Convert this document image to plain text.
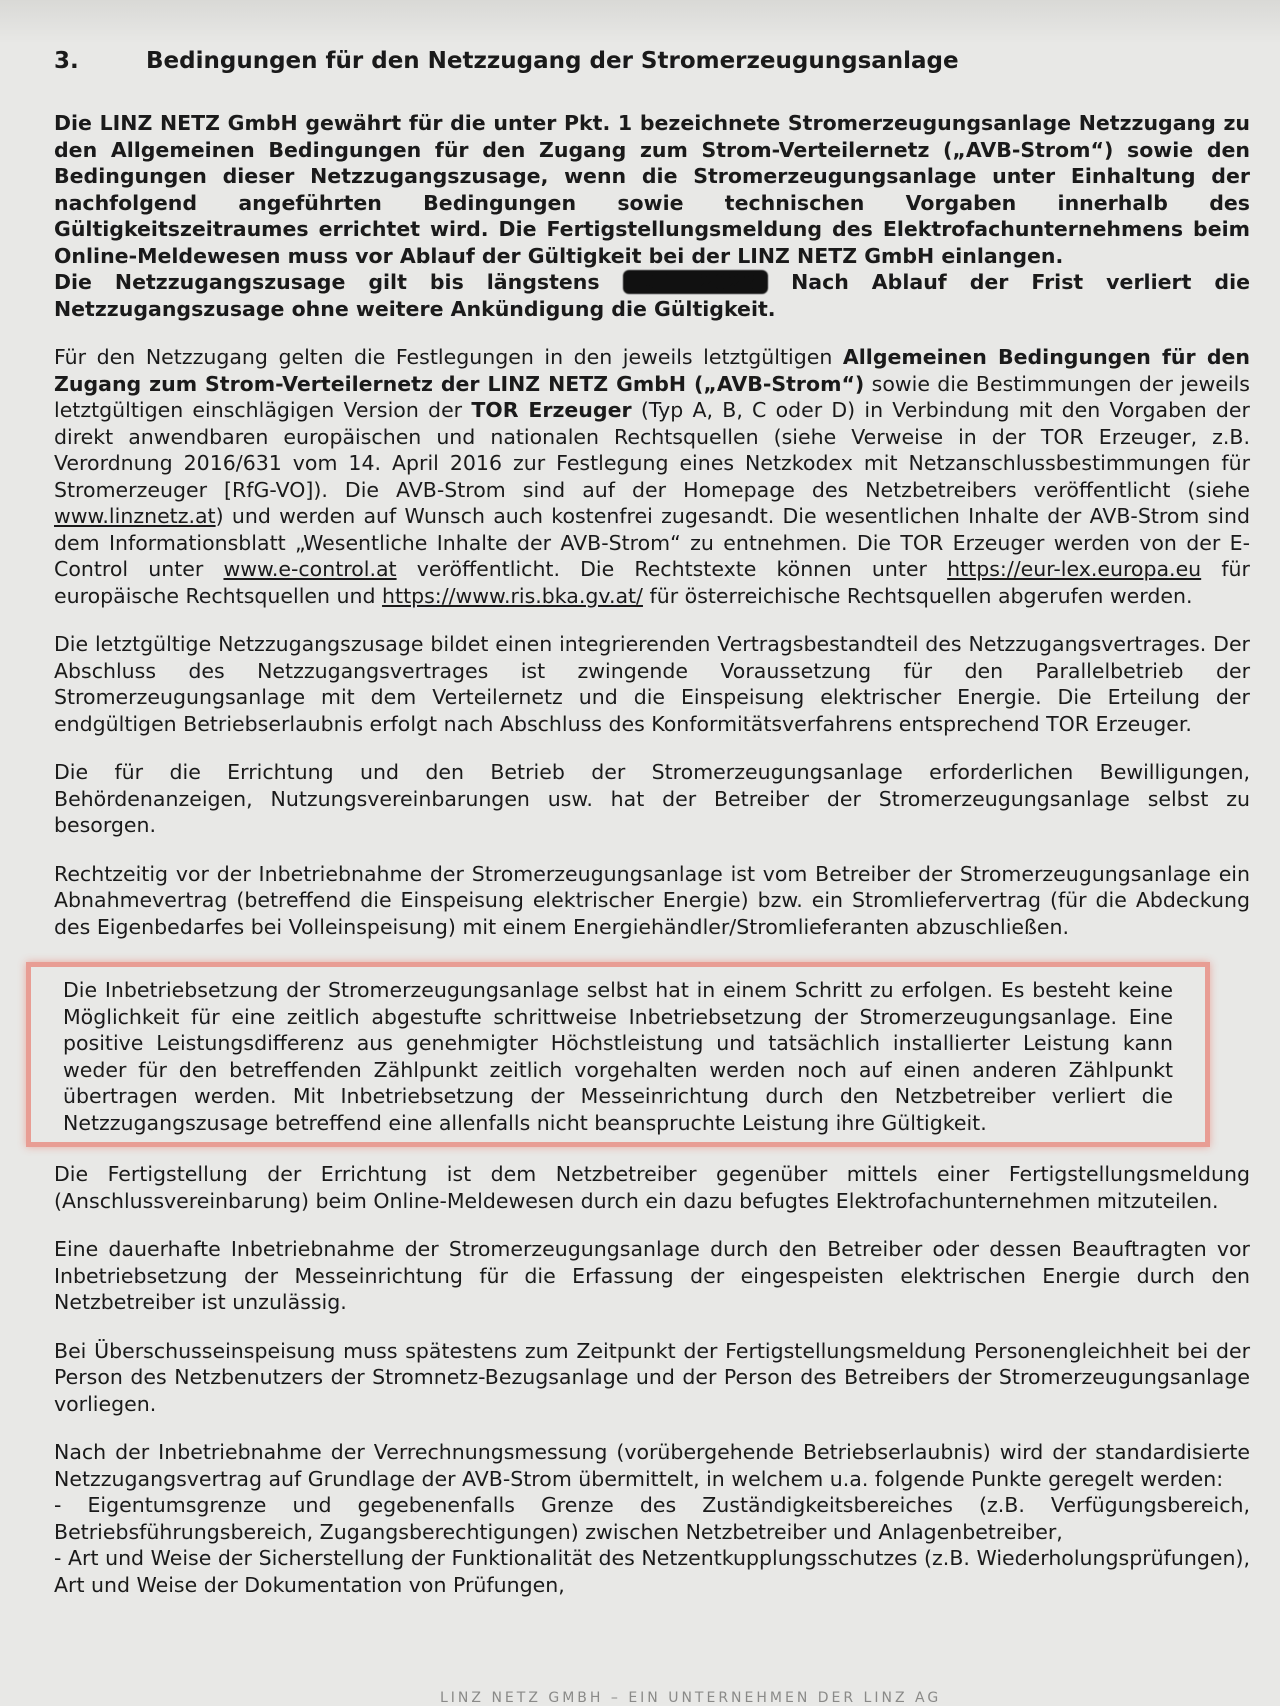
3.	Bedingungen für den Netzzugang der Stromerzeugungsanlage

Die LINZ NETZ GmbH gewährt für die unter Pkt. 1 bezeichnete Stromerzeugungsanlage Netzzugang zu den Allgemeinen Bedingungen für den Zugang zum Strom-Verteilernetz („AVB-Strom“) sowie den Bedingungen dieser Netzzugangszusage, wenn die Stromerzeugungsanlage unter Einhaltung der nachfolgend angeführten Bedingungen sowie technischen Vorgaben innerhalb des Gültigkeitszeitraumes errichtet wird. Die Fertigstellungsmeldung des Elektrofachunternehmens beim Online-Meldewesen muss vor Ablauf der Gültigkeit bei der LINZ NETZ GmbH einlangen.
Die Netzzugangszusage gilt bis längstens 10.11.2023. Nach Ablauf der Frist verliert die Netzzugangszusage ohne weitere Ankündigung die Gültigkeit.

Für den Netzzugang gelten die Festlegungen in den jeweils letztgültigen Allgemeinen Bedingungen für den Zugang zum Strom-Verteilernetz der LINZ NETZ GmbH („AVB-Strom“) sowie die Bestimmungen der jeweils letztgültigen einschlägigen Version der TOR Erzeuger (Typ A, B, C oder D) in Verbindung mit den Vorgaben der direkt anwendbaren europäischen und nationalen Rechtsquellen (siehe Verweise in der TOR Erzeuger, z.B. Verordnung 2016/631 vom 14. April 2016 zur Festlegung eines Netzkodex mit Netzanschlussbestimmungen für Stromerzeuger [RfG-VO]). Die AVB-Strom sind auf der Homepage des Netzbetreibers veröffentlicht (siehe www.linznetz.at) und werden auf Wunsch auch kostenfrei zugesandt. Die wesentlichen Inhalte der AVB-Strom sind dem Informationsblatt „Wesentliche Inhalte der AVB-Strom“ zu entnehmen. Die TOR Erzeuger werden von der E-Control unter www.e-control.at veröffentlicht. Die Rechtstexte können unter https://eur-lex.europa.eu für europäische Rechtsquellen und https://www.ris.bka.gv.at/ für österreichische Rechtsquellen abgerufen werden.

Die letztgültige Netzzugangszusage bildet einen integrierenden Vertragsbestandteil des Netzzugangsvertrages. Der Abschluss des Netzzugangsvertrages ist zwingende Voraussetzung für den Parallelbetrieb der Stromerzeugungsanlage mit dem Verteilernetz und die Einspeisung elektrischer Energie. Die Erteilung der endgültigen Betriebserlaubnis erfolgt nach Abschluss des Konformitätsverfahrens entsprechend TOR Erzeuger.

Die für die Errichtung und den Betrieb der Stromerzeugungsanlage erforderlichen Bewilligungen, Behördenanzeigen, Nutzungsvereinbarungen usw. hat der Betreiber der Stromerzeugungsanlage selbst zu besorgen.

Rechtzeitig vor der Inbetriebnahme der Stromerzeugungsanlage ist vom Betreiber der Stromerzeugungsanlage ein Abnahmevertrag (betreffend die Einspeisung elektrischer Energie) bzw. ein Stromliefervertrag (für die Abdeckung des Eigenbedarfes bei Volleinspeisung) mit einem Energiehändler/Stromlieferanten abzuschließen.

Die Inbetriebsetzung der Stromerzeugungsanlage selbst hat in einem Schritt zu erfolgen. Es besteht keine Möglichkeit für eine zeitlich abgestufte schrittweise Inbetriebsetzung der Stromerzeugungsanlage. Eine positive Leistungsdifferenz aus genehmigter Höchstleistung und tatsächlich installierter Leistung kann weder für den betreffenden Zählpunkt zeitlich vorgehalten werden noch auf einen anderen Zählpunkt übertragen werden. Mit Inbetriebsetzung der Messeinrichtung durch den Netzbetreiber verliert die Netzzugangszusage betreffend eine allenfalls nicht beanspruchte Leistung ihre Gültigkeit.

Die Fertigstellung der Errichtung ist dem Netzbetreiber gegenüber mittels einer Fertigstellungsmeldung (Anschlussvereinbarung) beim Online-Meldewesen durch ein dazu befugtes Elektrofachunternehmen mitzuteilen.

Eine dauerhafte Inbetriebnahme der Stromerzeugungsanlage durch den Betreiber oder dessen Beauftragten vor Inbetriebsetzung der Messeinrichtung für die Erfassung der eingespeisten elektrischen Energie durch den Netzbetreiber ist unzulässig.

Bei Überschusseinspeisung muss spätestens zum Zeitpunkt der Fertigstellungsmeldung Personengleichheit bei der Person des Netzbenutzers der Stromnetz-Bezugsanlage und der Person des Betreibers der Stromerzeugungsanlage vorliegen.

Nach der Inbetriebnahme der Verrechnungsmessung (vorübergehende Betriebserlaubnis) wird der standardisierte Netzzugangsvertrag auf Grundlage der AVB-Strom übermittelt, in welchem u.a. folgende Punkte geregelt werden:

- Eigentumsgrenze und gegebenenfalls Grenze des Zuständigkeitsbereiches (z.B. Verfügungsbereich, Betriebsführungsbereich, Zugangsberechtigungen) zwischen Netzbetreiber und Anlagenbetreiber,

- Art und Weise der Sicherstellung der Funktionalität des Netzentkupplungsschutzes (z.B. Wiederholungsprüfungen), Art und Weise der Dokumentation von Prüfungen,

LINZ NETZ GMBH – EIN UNTERNEHMEN DER LINZ AG
